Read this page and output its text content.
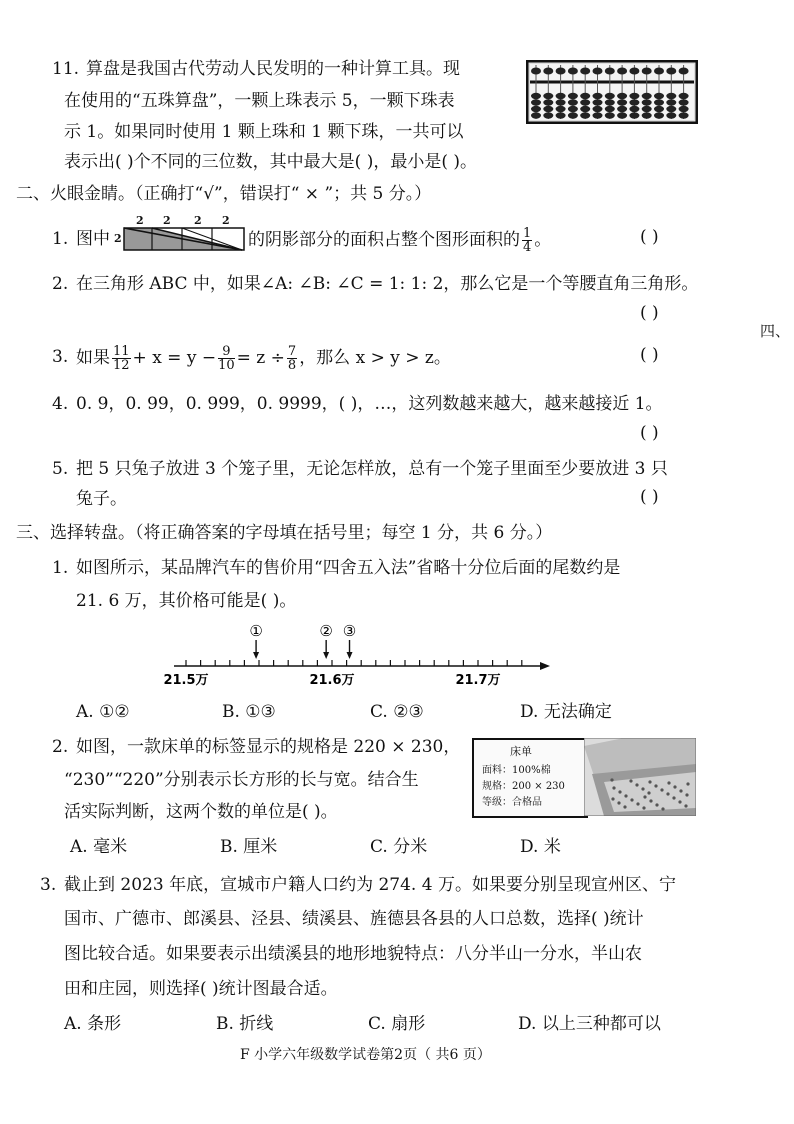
11. 算盘是我国古代劳动人民发明的一种计算工具。现
在使用的“五珠算盘”，一颗上珠表示 5，一颗下珠表
示 1。如果同时使用 1 颗上珠和 1 颗下珠，一共可以
表示出( )个不同的三位数，其中最大是( )，最小是( )。
二、火眼金睛。（正确打“√”，错误打“ × ”；共 5 分。）
1. 图中 2
2 2 2 2
的阴影部分的面积占整个图形面积的 $\frac{1}{4}$ 。	( )
2. 在三角形 ABC 中，如果∠A: ∠B: ∠C = 1: 1: 2，那么它是一个等腰直角三角形。
( )
3. 如果 $\frac{11}{12} + x = y - \frac{9}{10} = z \div \frac{7}{8}$ ，那么 x > y > z。	( )
4. 0. 9，0. 99，0. 999，0. 9999，( )，…，这列数越来越大，越来越接近 1。
( )
5. 把 5 只兔子放进 3 个笼子里，无论怎样放，总有一个笼子里面至少要放进 3 只
兔子。	( )
三、选择转盘。（将正确答案的字母填在括号里；每空 1 分，共 6 分。）
1. 如图所示，某品牌汽车的售价用“四舍五入法”省略十分位后面的尾数约是
21. 6 万，其价格可能是( )。
①	② ③
21.5万	21.6万	21.7万
A. ①②	B. ①③	C. ②③	D. 无法确定
2. 如图，一款床单的标签显示的规格是 220 × 230，
“230”“220”分别表示长方形的长与宽。结合生
活实际判断，这两个数的单位是( )。
床单
面料：100%棉
规格：200 × 230
等级：合格品
A. 毫米	B. 厘米	C. 分米	D. 米
3. 截止到 2023 年底，宣城市户籍人口约为 274. 4 万。如果要分别呈现宣州区、宁
国市、广德市、郎溪县、泾县、绩溪县、旌德县各县的人口总数，选择( )统计
图比较合适。如果要表示出绩溪县的地形地貌特点：八分半山一分水，半山农
田和庄园，则选择( )统计图最合适。
A. 条形	B. 折线	C. 扇形	D. 以上三种都可以
四、
F 小学六年级数学试卷第2页（ 共6 页）
